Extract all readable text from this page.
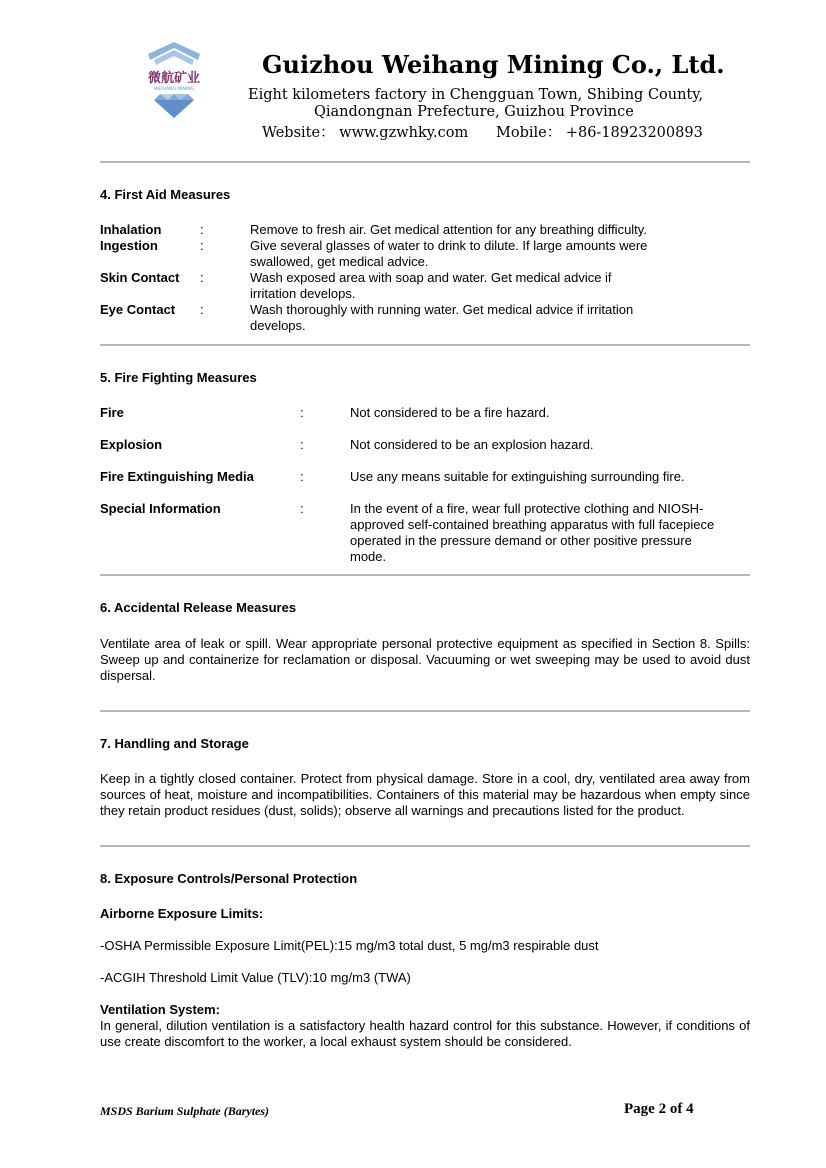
微航矿业
WEIHANG MINING
Guizhou Weihang Mining Co., Ltd.
Eight kilometers factory in Chengguan Town, Shibing County,
Qiandongnan Prefecture, Guizhou Province
Website： www.gzwhky.com Mobile： +86-18923200893
4. First Aid Measures
Inhalation	:	Remove to fresh air. Get medical attention for any breathing difficulty.
Ingestion	:	Give several glasses of water to drink to dilute. If large amounts were
swallowed, get medical advice.
Skin Contact :	Wash exposed area with soap and water. Get medical advice if
irritation develops.
Eye Contact :	Wash thoroughly with running water. Get medical advice if irritation
develops.
5. Fire Fighting Measures
Fire	:	Not considered to be a fire hazard.
Explosion	:	Not considered to be an explosion hazard.
Fire Extinguishing Media	:	Use any means suitable for extinguishing surrounding fire.
Special Information	:	In the event of a fire, wear full protective clothing and NIOSH-
approved self-contained breathing apparatus with full facepiece
operated in the pressure demand or other positive pressure
mode.
6. Accidental Release Measures
Ventilate area of leak or spill. Wear appropriate personal protective equipment as specified in Section 8. Spills: Sweep up and containerize for reclamation or disposal. Vacuuming or wet sweeping may be used to avoid dust dispersal.
7. Handling and Storage
Keep in a tightly closed container. Protect from physical damage. Store in a cool, dry, ventilated area away from sources of heat, moisture and incompatibilities. Containers of this material may be hazardous when empty since they retain product residues (dust, solids); observe all warnings and precautions listed for the product.
8. Exposure Controls/Personal Protection
Airborne Exposure Limits:
-OSHA Permissible Exposure Limit(PEL):15 mg/m3 total dust, 5 mg/m3 respirable dust
-ACGIH Threshold Limit Value (TLV):10 mg/m3 (TWA)
Ventilation System:
In general, dilution ventilation is a satisfactory health hazard control for this substance. However, if conditions of use create discomfort to the worker, a local exhaust system should be considered.
MSDS Barium Sulphate (Barytes)	Page 2 of 4
